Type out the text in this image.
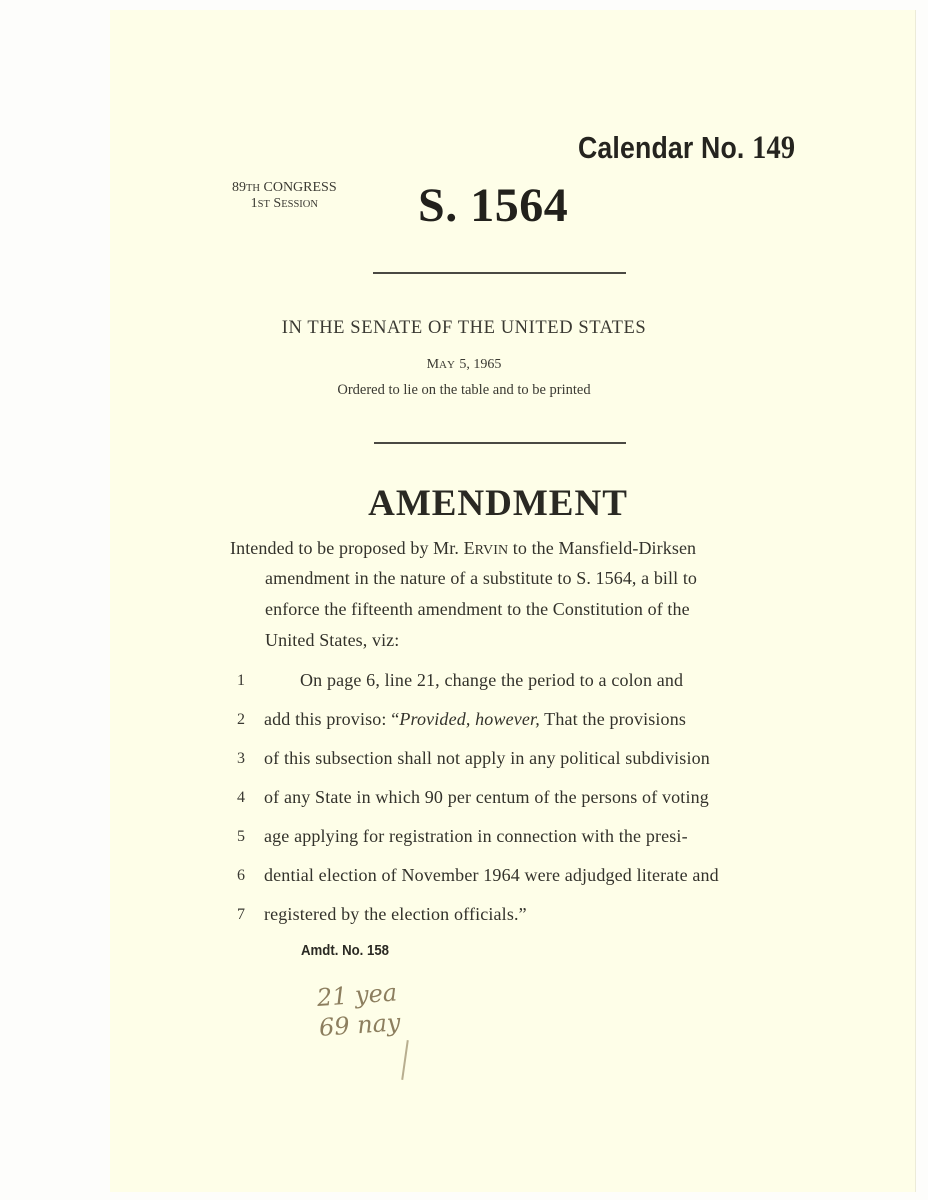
Calendar No. 149
89TH CONGRESS
1ST SESSION	S. 1564
IN THE SENATE OF THE UNITED STATES
MAY 5, 1965
Ordered to lie on the table and to be printed
AMENDMENT
Intended to be proposed by Mr. ERVIN to the Mansfield-Dirksen
amendment in the nature of a substitute to S. 1564, a bill to
enforce the fifteenth amendment to the Constitution of the
United States, viz:
1	On page 6, line 21, change the period to a colon and
2 add this proviso: “Provided, however, That the provisions
3 of this subsection shall not apply in any political subdivision
4 of any State in which 90 per centum of the persons of voting
5 age applying for registration in connection with the presi-
6 dential election of November 1964 were adjudged literate and
7 registered by the election officials.”
Amdt. No. 158
21 yea
69 nay
